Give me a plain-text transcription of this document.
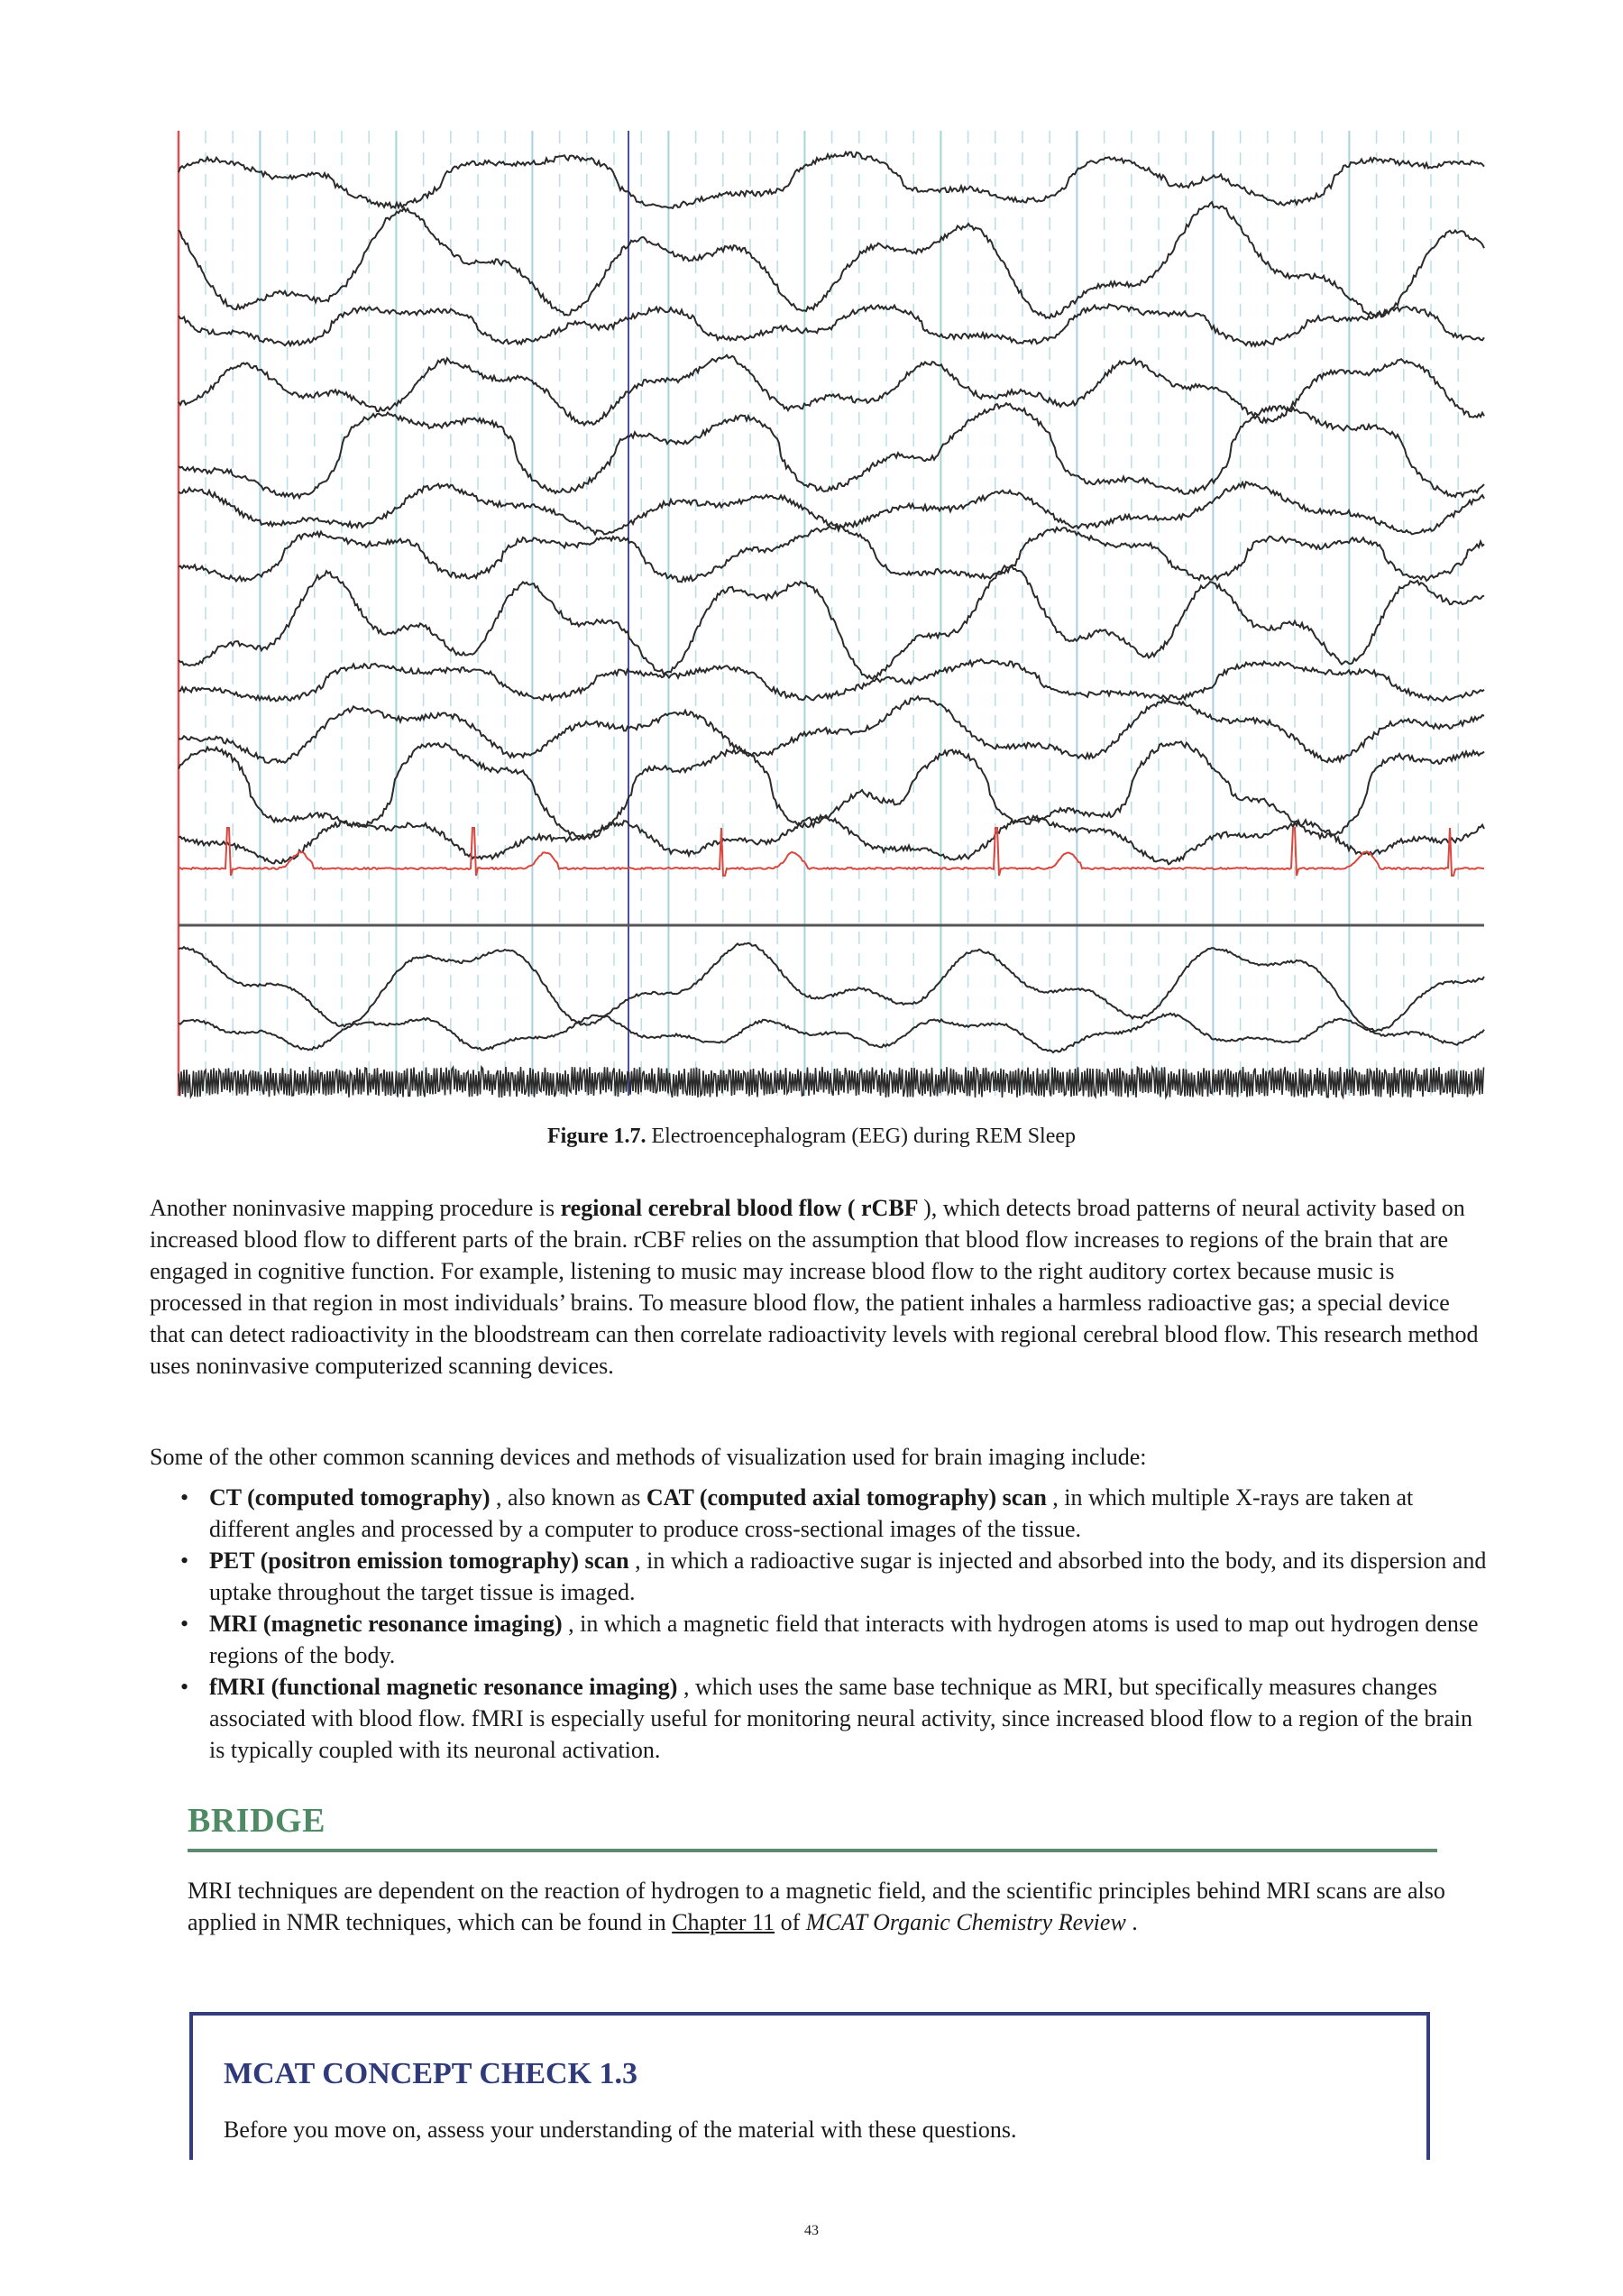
Figure 1.7. Electroencephalogram (EEG) during REM Sleep

Another noninvasive mapping procedure is regional cerebral blood flow ( rCBF ), which detects broad patterns of neural activity based on increased blood flow to different parts of the brain. rCBF relies on the assumption that blood flow increases to regions of the brain that are engaged in cognitive function. For example, listening to music may increase blood flow to the right auditory cortex because music is processed in that region in most individuals’ brains. To measure blood flow, the patient inhales a harmless radioactive gas; a special device that can detect radioactivity in the bloodstream can then correlate radioactivity levels with regional cerebral blood flow. This research method uses noninvasive computerized scanning devices.

Some of the other common scanning devices and methods of visualization used for brain imaging include:

• CT (computed tomography) , also known as CAT (computed axial tomography) scan , in which multiple X-rays are taken at different angles and processed by a computer to produce cross-sectional images of the tissue.
• PET (positron emission tomography) scan , in which a radioactive sugar is injected and absorbed into the body, and its dispersion and uptake throughout the target tissue is imaged.
• MRI (magnetic resonance imaging) , in which a magnetic field that interacts with hydrogen atoms is used to map out hydrogen dense regions of the body.
• fMRI (functional magnetic resonance imaging) , which uses the same base technique as MRI, but specifically measures changes associated with blood flow. fMRI is especially useful for monitoring neural activity, since increased blood flow to a region of the brain is typically coupled with its neuronal activation.
BRIDGE

MRI techniques are dependent on the reaction of hydrogen to a magnetic field, and the scientific principles behind MRI scans are also applied in NMR techniques, which can be found in Chapter 11 of MCAT Organic Chemistry Review .

MCAT CONCEPT CHECK 1.3

Before you move on, assess your understanding of the material with these questions.

43
